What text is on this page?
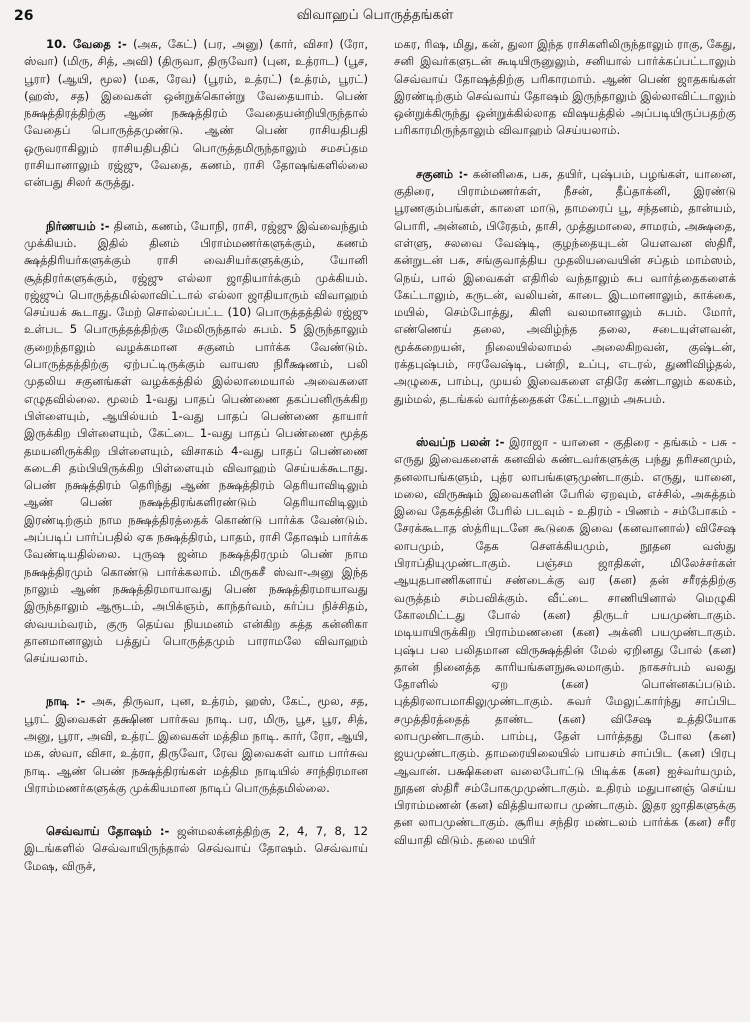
26	விவாஹப் பொருத்தங்கள்

10. வேதை :- (அசு, கேட்) (பர, அனு) (கார், விசா) (ரோ, ஸ்வா) (மிரு, சித், அவி) (திருவா, திருவோ) (புன, உத்ராட) (பூச, பூரா) (ஆயி, மூல) (மக, ரேவ) (பூரம், உத்ரட்) (உத்ரம், பூரட்) (ஹஸ், சத) இவைகள் ஒன்றுக்கொன்று வேதையாம். பெண் நக்ஷத்திரத்திற்கு ஆண் நக்ஷத்திரம் வேதையன்றியிருந்தால் வேதைப் பொருத்தமுண்டு. ஆண் பெண் ராசியதிபதி ஒருவராகிலும் ராசியதிபதிப் பொருத்தமிருந்தாலும் சமசப்தம ராசியானாலும் ரஜ்ஜு, வேதை, கணம், ராசி தோஷங்களில்லை என்பது சிலர் கருத்து.

நிர்ணயம் :- தினம், கணம், யோநி, ராசி, ரஜ்ஜு இவ்வைந்தும் முக்கியம். இதில் தினம் பிராம்மணர்களுக்கும், கணம் க்ஷத்திரியர்களுக்கும் ராசி வைசியர்களுக்கும், யோனி சூத்திரர்களுக்கும், ரஜ்ஜு எல்லா ஜாதியார்க்கும் முக்கியம். ரஜ்ஜுப் பொருத்தமில்லாவிட்டால் எல்லா ஜாதியாரும் விவாஹம் செய்யக் கூடாது. மேற் சொல்லப்பட்ட (10) பொருத்தத்தில் ரஜ்ஜு உள்பட 5 பொருத்தத்திற்கு மேலிருந்தால் சுபம். 5 இருந்தாலும் குறைந்தாலும் வழக்கமான சகுனம் பார்க்க வேண்டும். பொருத்தத்திற்கு ஏற்பட்டிருக்கும் வாயஸ நிரீக்ஷணம், பலி முதலிய சகுனங்கள் வழக்கத்தில் இல்லாமையால் அவைகளை எழுதவில்லை. மூலம் 1-வது பாதப் பெண்ணை தகப்பனிருக்கிற பிள்ளையும், ஆயில்யம் 1-வது பாதப் பெண்ணை தாயார் இருக்கிற பிள்ளையும், கேட்டை 1-வது பாதப் பெண்ணை மூத்த தமயனிருக்கிற பிள்ளையும், விசாகம் 4-வது பாதப் பெண்ணை கடைசி தம்பியிருக்கிற பிள்ளையும் விவாஹம் செய்யக்கூடாது. பெண் நக்ஷத்திரம் தெரிந்து ஆண் நக்ஷத்திரம் தெரியாவிடிலும் ஆண் பெண் நக்ஷத்திரங்களிரண்டும் தெரியாவிடிலும் இரண்டிற்கும் நாம நக்ஷத்திரத்தைக் கொண்டு பார்க்க வேண்டும். அப்படிப் பார்ப்பதில் ஏக நக்ஷத்திரம், பாதம், ராசி தோஷம் பார்க்க வேண்டியதில்லை. புருஷ ஜன்ம நக்ஷத்திரமும் பெண் நாம நக்ஷத்திரமும் கொண்டு பார்க்கலாம். மிருகசீ ஸ்வா-அனு இந்த நாலும் ஆண் நக்ஷத்திரமாயாவது பெண் நக்ஷத்திரமாயாவது இருந்தாலும் ஆரூடம், அபிக்ஞம், காந்தர்வம், கர்ப்ப நிச்சிதம், ஸ்வயம்வரம், குரு தெய்வ நியமனம் என்கிற சுத்த கன்னிகா தானமானாலும் பத்துப் பொருத்தமும் பாராமலே விவாஹம் செய்யலாம்.

நாடி :- அசு, திருவா, புன, உத்ரம், ஹஸ், கேட், மூல, சத, பூரட் இவைகள் தக்ஷிண பார்சுவ நாடி. பர, மிரு, பூச, பூர, சித், அனு, பூரா, அவி, உத்ரட் இவைகள் மத்திம நாடி. கார், ரோ, ஆயி, மக, ஸ்வா, விசா, உத்ரா, திருவோ, ரேவ இவைகள் வாம பார்சுவ நாடி. ஆண் பெண் நக்ஷத்திரங்கள் மத்திம நாடியில் சாந்திரமான பிராம்மணர்களுக்கு முக்கியமான நாடிப் பொருத்தமில்லை.

செவ்வாய் தோஷம் :- ஜன்மலக்னத்திற்கு 2, 4, 7, 8, 12 இடங்களில் செவ்வாயிருந்தால் செவ்வாய் தோஷம். செவ்வாய் மேஷ, விருச்,

மகர, ரிஷ, மிது, கன், துலா இந்த ராசிகளிலிருந்தாலும் ராகு, கேது, சனி இவர்களுடன் கூடியிருனுலும், சனியால் பார்க்கப்பட்டாலும் செவ்வாய் தோஷத்திற்கு பரிகாரமாம். ஆண் பெண் ஜாதகங்கள் இரண்டிற்கும் செவ்வாய் தோஷம் இருந்தாலும் இல்லாவிட்டாலும் ஒன்றுக்கிருந்து ஒன்றுக்கில்லாத விஷயத்தில் அப்படியிருப்பதற்கு பரிகாரமிருந்தாலும் விவாஹம் செய்யலாம்.

சகுனம் :- கன்னிகை, பசு, தயிர், புஷ்பம், பழங்கள், யானை, குதிரை, பிராம்மணர்கள், நீசன், தீப்தாக்னி, இரண்டு பூரணகும்பங்கள், காளை மாடு, தாமரைப் பூ, சந்தனம், தான்யம், பொரி, அன்னம், பிரேதம், தாசி, முத்துமாலை, சாமரம், அக்ஷதை, எள்ளு, சலவை வேஷ்டி, குழந்தையுடன் யௌவன ஸ்திரீ, கன்றுடன் பசு, சங்குவாத்திய முதலியவையின் சப்தம் மாம்ஸம், நெய், பால் இவைகள் எதிரில் வந்தாலும் சுப வார்த்தைகளைக் கேட்டாலும், கருடன், வலியன், காடை இடமானாலும், காக்கை, மயில், செம்போத்து, கிளி வலமானாலும் சுபம். மோர், எண்ணெய் தலை, அவிழ்ந்த தலை, சடையுள்ளவன், மூக்கறையன், நிலையில்லாமல் அலைகிறவன், குஷ்டன், ரக்தபுஷ்பம், ஈரவேஷ்டி, பன்றி, உப்பு, எடரல், துணிவிழ்தல், அழுகை, பாம்பு, முயல் இவைகளை எதிரே கண்டாலும் கலகம், தும்மல், தடங்கல் வார்த்தைகள் கேட்டாலும் அசுபம்.

ஸ்வப்ந பலன் :- இராஜா - யானை - குதிரை - தங்கம் - பசு - எருது இவைகளைக் கனவில் கண்டவர்களுக்கு பந்து தரிசனமும், தனலாபங்களும், புத்ர லாபங்களுமுண்டாகும். எருது, யானை, மலை, விருக்ஷம் இவைகளின் பேரில் ஏறவும், எச்சில், அசுத்தம் இவை தேகத்தின் பேரில் படவும் - உதிரம் - பிணம் - சம்போகம் - சேரக்கூடாத ஸ்த்ரியுடனே கூடுகை இவை (கனவானால்) விசேஷ லாபமும், தேக சௌக்கியமும், நூதன வஸ்து பிராப்தியுமுண்டாகும். பஞ்சம ஜாதிகள், மிலேச்சர்கள் ஆயுதபாணிகளாய் சண்டைக்கு வர (கன) தன் சரீரத்திற்கு வருத்தம் சம்பவிக்கும். வீட்டை சாணியினால் மெழுகி கோலமிட்டது போல் (கன) திருடர் பயமுண்டாகும். மடியாயிருக்கிற பிராம்மணனை (கன) அக்னி பயமுண்டாகும். புஷ்ப பல பலிதமான விருக்ஷத்தின் மேல் ஏறினது போல் (கன) தான் நினைத்த காரியங்களநுகூலமாகும். நாகசர்பம் வலது தோளில் ஏற (கன) பொன்னகப்படும். புத்திரலாபமாகிலுமுண்டாகும். சுவர் மேலுட்கார்ந்து சாப்பிட சமுத்திரத்தைத் தாண்ட (கன) விசேஷ உத்தியோக லாபமுண்டாகும். பாம்பு, தேள் பார்த்தது போல (கன) ஜயமுண்டாகும். தாமரையிலையில் பாயசம் சாப்பிட (கன) பிரபு ஆவான். பக்ஷிகளை வலைபோட்டு பிடிக்க (கன) ஐச்வர்யமும், நூதன ஸ்திரீ சம்போகமுமுண்டாகும். உதிரம் மதுபானஞ் செய்ய பிராம்மணன் (கன) வித்தியாலாப முண்டாகும். இதர ஜாதிகளுக்கு தன லாபமுண்டாகும். சூரிய சந்திர மண்டலம் பார்க்க (கன) சரீர வியாதி விடும். தலை மயிர்
